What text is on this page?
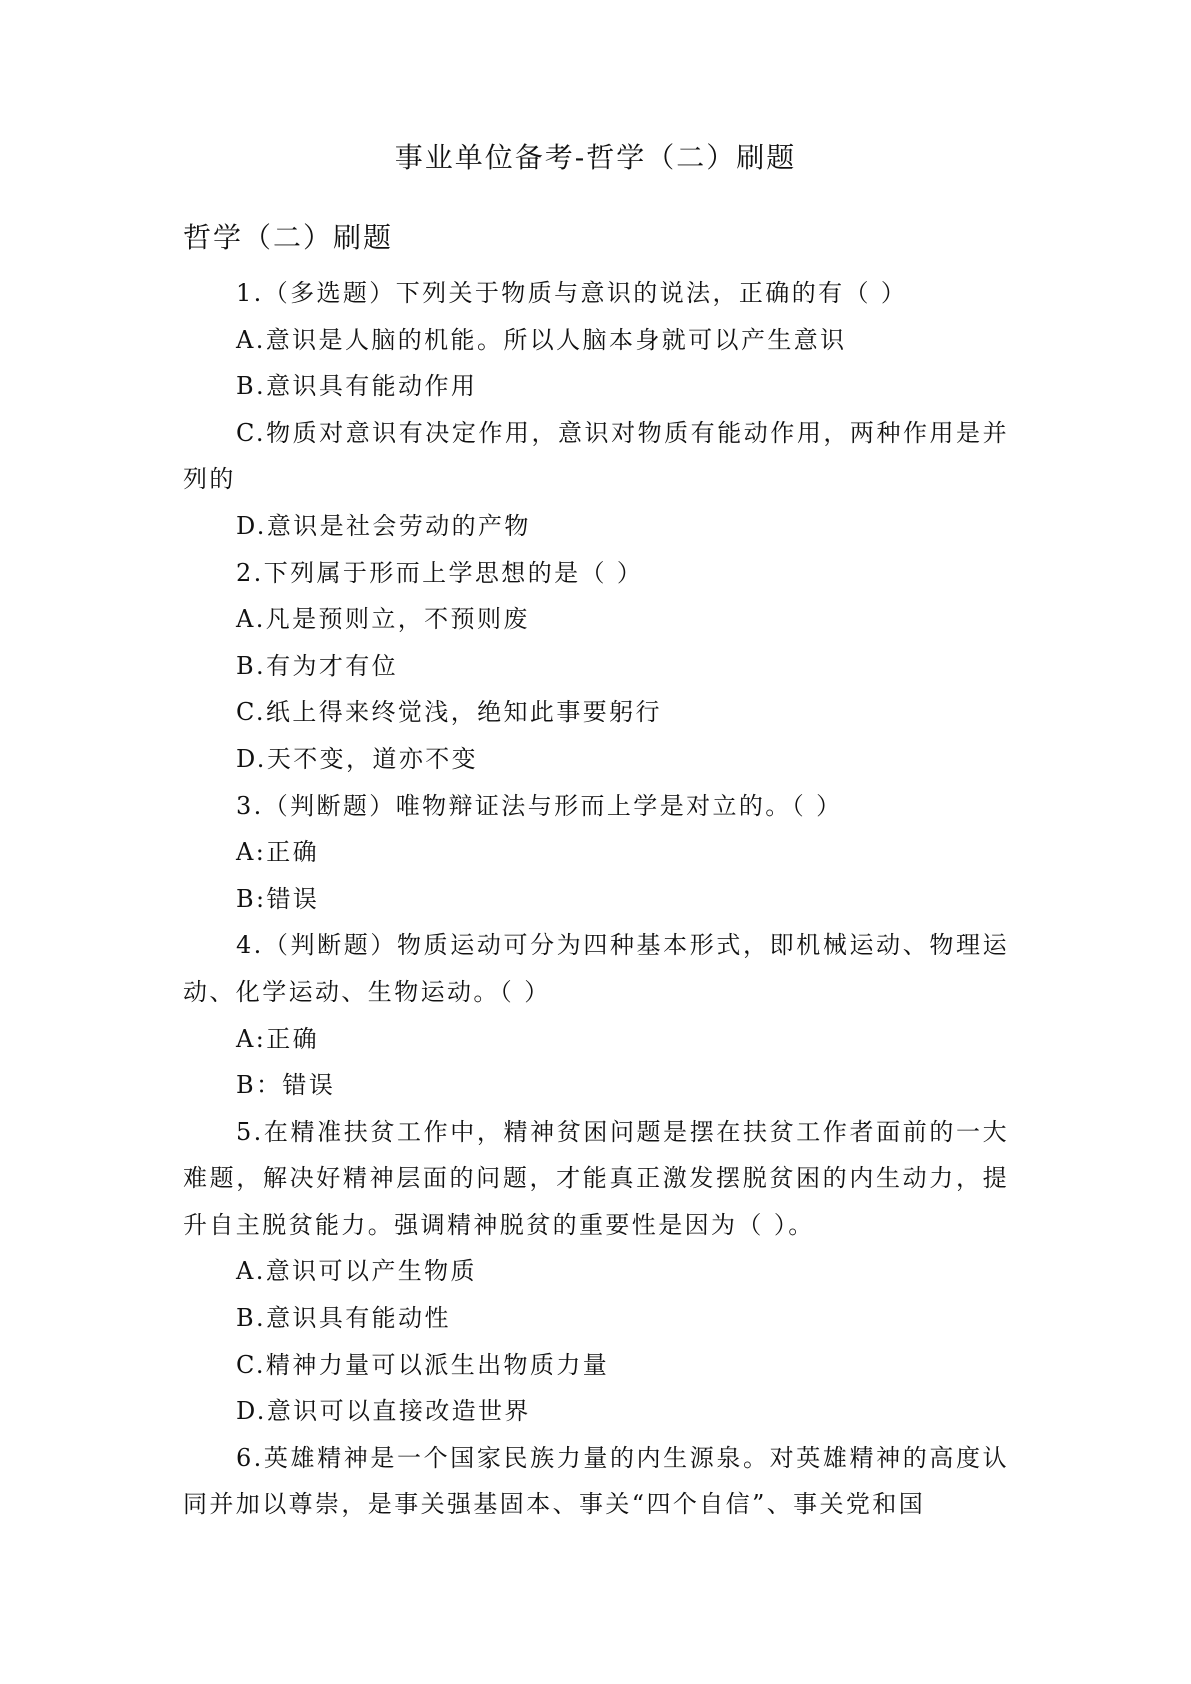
事业单位备考-哲学（二）刷题
哲学（二）刷题

1.（多选题）下列关于物质与意识的说法，正确的有（ ）

A.意识是人脑的机能。所以人脑本身就可以产生意识

B.意识具有能动作用

C.物质对意识有决定作用，意识对物质有能动作用，两种作用是并列的

D.意识是社会劳动的产物

2.下列属于形而上学思想的是（ ）

A.凡是预则立，不预则废

B.有为才有位

C.纸上得来终觉浅，绝知此事要躬行

D.天不变，道亦不变

3.（判断题）唯物辩证法与形而上学是对立的。（ ）

A:正确

B:错误

4.（判断题）物质运动可分为四种基本形式，即机械运动、物理运动、化学运动、生物运动。（ ）

A:正确

B：错误

5.在精准扶贫工作中，精神贫困问题是摆在扶贫工作者面前的一大难题，解决好精神层面的问题，才能真正激发摆脱贫困的内生动力，提升自主脱贫能力。强调精神脱贫的重要性是因为（ ）。

A.意识可以产生物质

B.意识具有能动性

C.精神力量可以派生出物质力量

D.意识可以直接改造世界

6.英雄精神是一个国家民族力量的内生源泉。对英雄精神的高度认同并加以尊崇，是事关强基固本、事关“四个自信”、事关党和国
